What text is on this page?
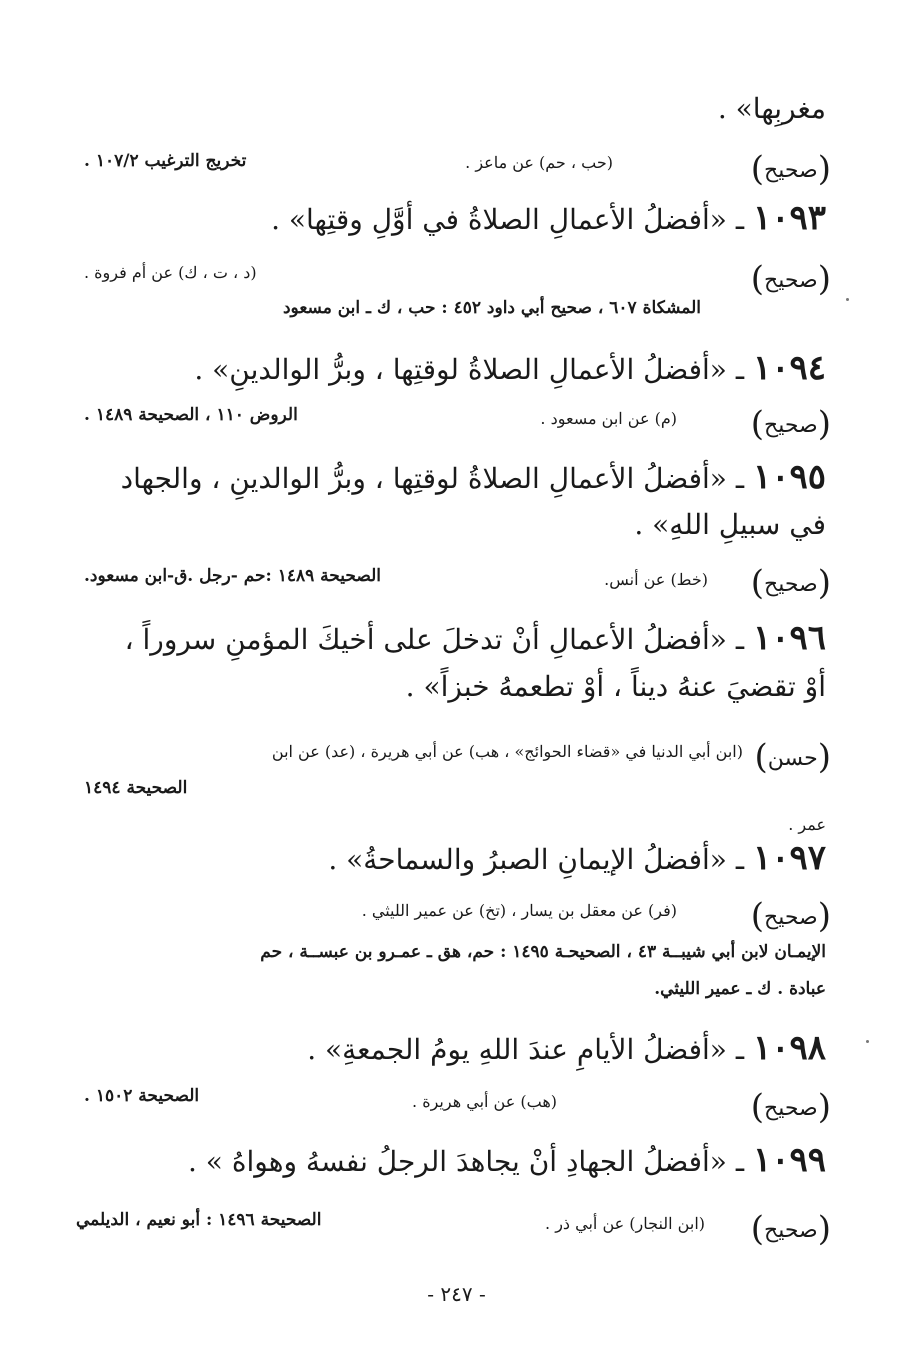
مغربِها» .
(صحيح)
(حب ، حم) عن ماعز .
تخريج الترغيب ١٠٧/٢ .
١٠٩٣ ـ «أفضلُ الأعمالِ الصلاةُ في أوَّلِ وقتِها» .
(صحيح)
(د ، ت ، ك) عن أم فروة .
المشكاة ٦٠٧ ، صحيح أبي داود ٤٥٢ : حب ، ك ـ ابن مسعود
١٠٩٤ ـ «أفضلُ الأعمالِ الصلاةُ لوقتِها ، وبرُّ الوالدينِ» .
(صحيح)
(م) عن ابن مسعود .
الروض ١١٠ ، الصحيحة ١٤٨٩ .
١٠٩٥ ـ «أفضلُ الأعمالِ الصلاةُ لوقتِها ، وبرُّ الوالدينِ ، والجهاد
في سبيلِ اللهِ» .
(صحيح)
(خط) عن أنس.
الصحيحة ١٤٨٩ :حم -رجل .ق-ابن مسعود.
١٠٩٦ ـ «أفضلُ الأعمالِ أنْ تدخلَ على أخيكَ المؤمنِ سروراً ،
أوْ تقضيَ عنهُ ديناً ، أوْ تطعمهُ خبزاً» .
(حسن)
(ابن أبي الدنيا في «قضاء الحوائج» ، هب) عن أبي هريرة ، (عد) عن ابن
عمر .
الصحيحة ١٤٩٤
١٠٩٧ ـ «أفضلُ الإيمانِ الصبرُ والسماحةُ» .
(صحيح)
(فر) عن معقل بن يسار ، (تخ) عن عمير الليثي .
الإيمـان لابن أبي شيبــة ٤٣ ، الصحيحـة ١٤٩٥ : حم، هق ـ عمـرو بن عبســة ، حم
عبادة . ك ـ عمير الليثي.
١٠٩٨ ـ «أفضلُ الأيامِ عندَ اللهِ يومُ الجمعةِ» .
(صحيح)
(هب) عن أبي هريرة .
الصحيحة ١٥٠٢ .
١٠٩٩ ـ «أفضلُ الجهادِ أنْ يجاهدَ الرجلُ نفسهُ وهواهُ » .
(صحيح)
(ابن النجار) عن أبي ذر .
الصحيحة ١٤٩٦ : أبو نعيم ، الديلمي
- ٢٤٧ -
